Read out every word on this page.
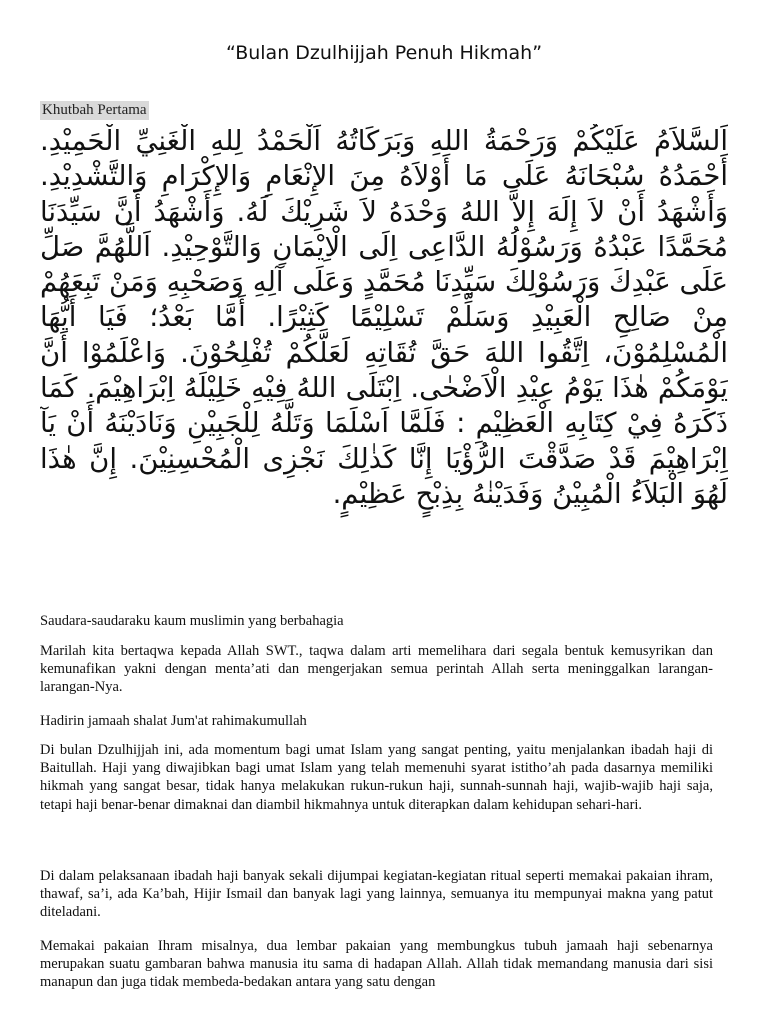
“Bulan Dzulhijjah Penuh Hikmah”
Khutbah Pertama
اَلسَّلاَمُ عَلَيْكُمْ وَرَحْمَةُ اللهِ وَبَرَكَاتُهُ اَلْحَمْدُ لِلهِ الْغَنِيِّ الْحَمِيْدِ. أَحْمَدُهُ سُبْحَانَهُ عَلَى مَا أَوْلاَهُ مِنَ الإِنْعَامِ وَالإِكْرَامِ وَالتَّشْدِيْدِ. وَأَشْهَدُ أَنْ لاَ إِلَهَ إِلاَّ اللهُ وَحْدَهُ لاَ شَرِيْكَ لَهُ. وَأَشْهَدُ أَنَّ سَيِّدَنَا مُحَمَّدًا عَبْدُهُ وَرَسُوْلُهُ الدَّاعِى اِلَى الْاِيْمَانِ وَالتَّوْحِيْدِ. اَللَّهُمَّ صَلِّ عَلَى عَبْدِكَ وَرَسُوْلِكَ سَيِّدِنَا مُحَمَّدٍ وَعَلَى آلِهِ وَصَحْبِهِ وَمَنْ تَبِعَهُمْ مِنْ صَالِحِ الْعَبِيْدِ وَسَلِّمْ تَسْلِيْمًا كَثِيْرًا. أَمَّا بَعْدُ؛ فَيَا أَيُّهَا الْمُسْلِمُوْنَ، اِتَّقُوا اللهَ حَقَّ تُقَاتِهِ لَعَلَّكُمْ تُفْلِحُوْنَ. وَاعْلَمُوْا أَنَّ يَوْمَكُمْ هٰذَا يَوْمُ عِيْدِ الْاَضْحٰى. اِبْتَلَى اللهُ فِيْهِ خَلِيْلَهُ اِبْرَاهِيْمَ. كَمَا ذَكَرَهُ فِيْ كِتَابِهِ الْعَظِيْمِ : فَلَمَّا اَسْلَمَا وَتَلَّهُ لِلْجَبِيْنِ وَنَادَيْنَهُ أَنْ يَآ اِبْرَاهِيْمَ قَدْ صَدَّقْتَ الرُّؤْيَا إِنَّا كَذٰلِكَ نَجْزِى الْمُحْسِنِيْنَ. إِنَّ هٰذَا لَهُوَ الْبَلاَءُ الْمُبِيْنُ وَفَدَيْنٰهُ بِذِبْحٍ عَظِيْمٍ.

Saudara-saudaraku kaum muslimin yang berbahagia

Marilah kita bertaqwa kepada Allah SWT., taqwa dalam arti memelihara dari segala bentuk kemusyrikan dan kemunafikan yakni dengan menta’ati dan mengerjakan semua perintah Allah serta meninggalkan larangan-larangan-Nya.

Hadirin jamaah shalat Jum'at rahimakumullah

Di bulan Dzulhijjah ini, ada momentum bagi umat Islam yang sangat penting, yaitu menjalankan ibadah haji di Baitullah. Haji yang diwajibkan bagi umat Islam yang telah memenuhi syarat istitho’ah pada dasarnya memiliki hikmah yang sangat besar, tidak hanya melakukan rukun-rukun haji, sunnah-sunnah haji, wajib-wajib haji saja, tetapi haji benar-benar dimaknai dan diambil hikmahnya untuk diterapkan dalam kehidupan sehari-hari.

Di dalam pelaksanaan ibadah haji banyak sekali dijumpai kegiatan-kegiatan ritual seperti memakai pakaian ihram, thawaf, sa’i, ada Ka’bah, Hijir Ismail dan banyak lagi yang lainnya, semuanya itu mempunyai makna yang patut diteladani.

Memakai pakaian Ihram misalnya, dua lembar pakaian yang membungkus tubuh jamaah haji sebenarnya merupakan suatu gambaran bahwa manusia itu sama di hadapan Allah. Allah tidak memandang manusia dari sisi manapun dan juga tidak membeda-bedakan antara yang satu dengan
